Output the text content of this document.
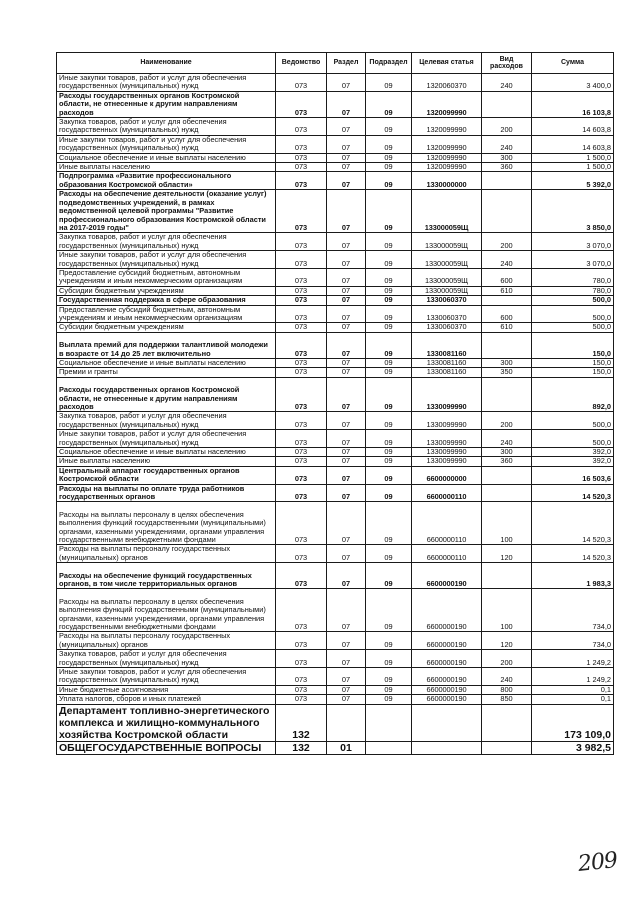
Наименование	Ведомство	Раздел	Подраздел	Целевая статья	Вид расходов	Сумма
Иные закупки товаров, работ и услуг для обеспечения государственных (муниципальных) нужд	073	07	09	1320060370	240	3 400,0
Расходы государственных органов Костромской области, не отнесенные к другим направлениям расходов	073	07	09	1320099990		16 103,8
Закупка товаров, работ и услуг для обеспечения государственных (муниципальных) нужд	073	07	09	1320099990	200	14 603,8
Иные закупки товаров, работ и услуг для обеспечения государственных (муниципальных) нужд	073	07	09	1320099990	240	14 603,8
Социальное обеспечение и иные выплаты населению	073	07	09	1320099990	300	1 500,0
Иные выплаты населению	073	07	09	1320099990	360	1 500,0
Подпрограмма «Развитие профессионального образования Костромской области»	073	07	09	1330000000		5 392,0
Расходы на обеспечение деятельности (оказание услуг) подведомственных учреждений, в рамках ведомственной целевой программы "Развитие профессионального образования Костромской области на 2017-2019 годы"	073	07	09	133000059Щ		3 850,0
Закупка товаров, работ и услуг для обеспечения государственных (муниципальных) нужд	073	07	09	133000059Щ	200	3 070,0
Иные закупки товаров, работ и услуг для обеспечения государственных (муниципальных) нужд	073	07	09	133000059Щ	240	3 070,0
Предоставление субсидий бюджетным, автономным учреждениям и иным некоммерческим организациям	073	07	09	133000059Щ	600	780,0
Субсидии бюджетным учреждениям	073	07	09	133000059Щ	610	780,0
Государственная поддержка в сфере образования	073	07	09	1330060370		500,0
Предоставление субсидий бюджетным, автономным учреждениям и иным некоммерческим организациям	073	07	09	1330060370	600	500,0
Субсидии бюджетным учреждениям	073	07	09	1330060370	610	500,0
Выплата премий для поддержки талантливой молодежи в возрасте от 14 до 25 лет включительно	073	07	09	1330081160		150,0
Социальное обеспечение и иные выплаты населению	073	07	09	1330081160	300	150,0
Премии и гранты	073	07	09	1330081160	350	150,0
Расходы государственных органов Костромской области, не отнесенные к другим направлениям расходов	073	07	09	1330099990		892,0
Закупка товаров, работ и услуг для обеспечения государственных (муниципальных) нужд	073	07	09	1330099990	200	500,0
Иные закупки товаров, работ и услуг для обеспечения государственных (муниципальных) нужд	073	07	09	1330099990	240	500,0
Социальное обеспечение и иные выплаты населению	073	07	09	1330099990	300	392,0
Иные выплаты населению	073	07	09	1330099990	360	392,0
Центральный аппарат государственных органов Костромской области	073	07	09	6600000000		16 503,6
Расходы на выплаты по оплате труда работников государственных органов	073	07	09	6600000110		14 520,3
Расходы на выплаты персоналу в целях обеспечения выполнения функций государственными (муниципальными) органами, казенными учреждениями, органами управления государственными внебюджетными фондами	073	07	09	6600000110	100	14 520,3
Расходы на выплаты персоналу государственных (муниципальных) органов	073	07	09	6600000110	120	14 520,3
Расходы на обеспечение функций государственных органов, в том числе территориальных органов	073	07	09	6600000190		1 983,3
Расходы на выплаты персоналу в целях обеспечения выполнения функций государственными (муниципальными) органами, казенными учреждениями, органами управления государственными внебюджетными фондами	073	07	09	6600000190	100	734,0
Расходы на выплаты персоналу государственных (муниципальных) органов	073	07	09	6600000190	120	734,0
Закупка товаров, работ и услуг для обеспечения государственных (муниципальных) нужд	073	07	09	6600000190	200	1 249,2
Иные закупки товаров, работ и услуг для обеспечения государственных (муниципальных) нужд	073	07	09	6600000190	240	1 249,2
Иные бюджетные ассигнования	073	07	09	6600000190	800	0,1
Уплата налогов, сборов и иных платежей	073	07	09	6600000190	850	0,1
Департамент топливно-энергетического комплекса и жилищно-коммунального хозяйства Костромской области	132					173 109,0
ОБЩЕГОСУДАРСТВЕННЫЕ ВОПРОСЫ	132	01				3 982,5
209
